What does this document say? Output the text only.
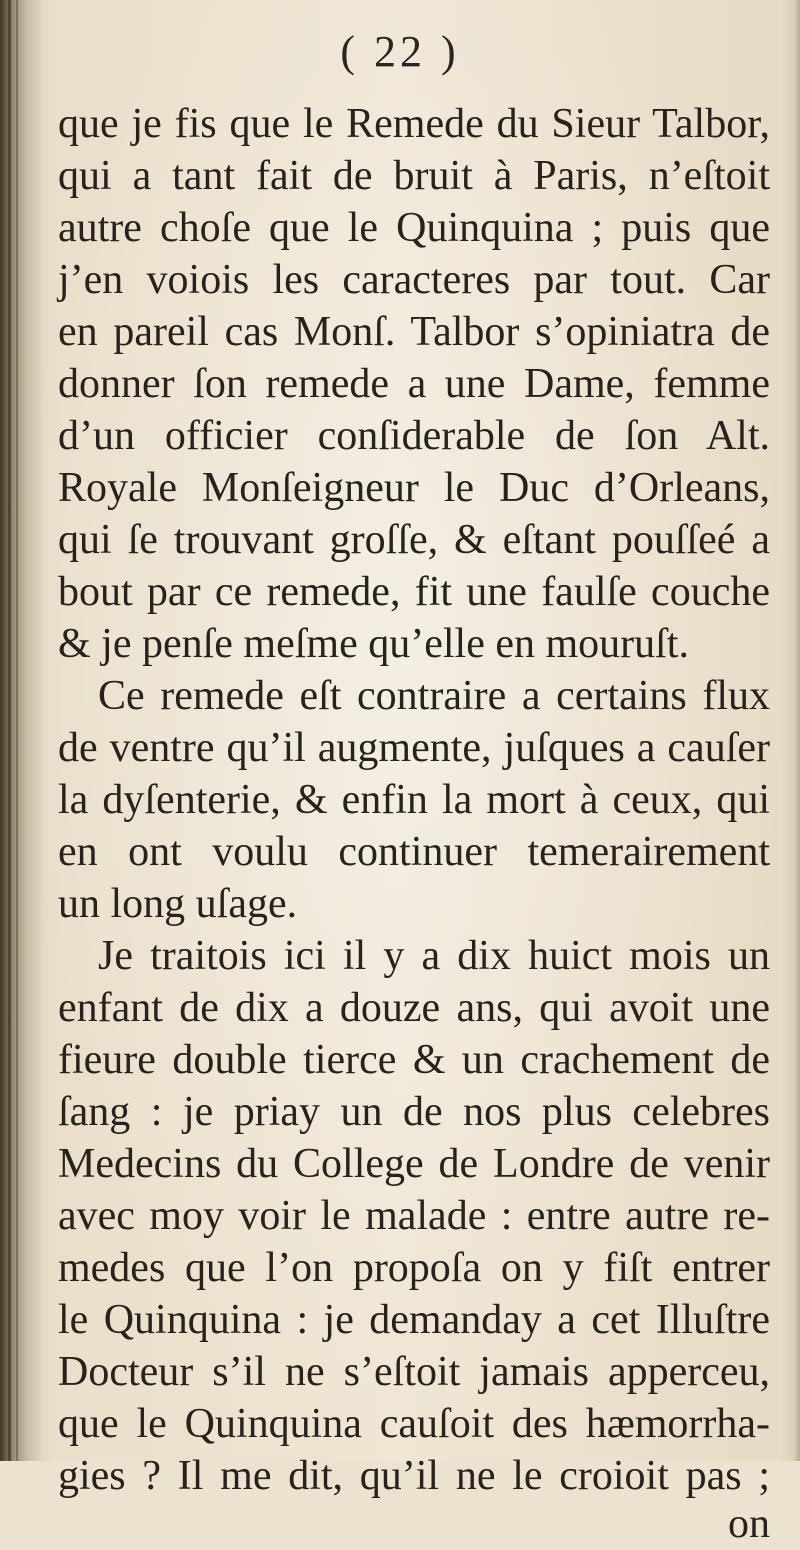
( 22 )
que je fis que le Remede du Sieur Talbor,
qui a tant fait de bruit à Paris, n’eſtoit
autre choſe que le Quinquina ; puis que
j’en voiois les caracteres par tout. Car
en pareil cas Monſ. Talbor s’opiniatra de
donner ſon remede a une Dame, femme
d’un officier conſiderable de ſon Alt.
Royale Monſeigneur le Duc d’Orleans,
qui ſe trouvant groſſe, & eſtant pouſſeé a
bout par ce remede, fit une faulſe couche
& je penſe meſme qu’elle en mouruſt.
Ce remede eſt contraire a certains flux
de ventre qu’il augmente, juſques a cauſer
la dyſenterie, & enfin la mort à ceux, qui
en ont voulu continuer temerairement
un long uſage.
Je traitois ici il y a dix huict mois un
enfant de dix a douze ans, qui avoit une
fieure double tierce & un crachement de
ſang : je priay un de nos plus celebres
Medecins du College de Londre de venir
avec moy voir le malade : entre autre re-
medes que l’on propoſa on y fiſt entrer
le Quinquina : je demanday a cet Illuſtre
Docteur s’il ne s’eſtoit jamais apperceu,
que le Quinquina cauſoit des hæmorrha-
gies ? Il me dit, qu’il ne le croioit pas ;
on
